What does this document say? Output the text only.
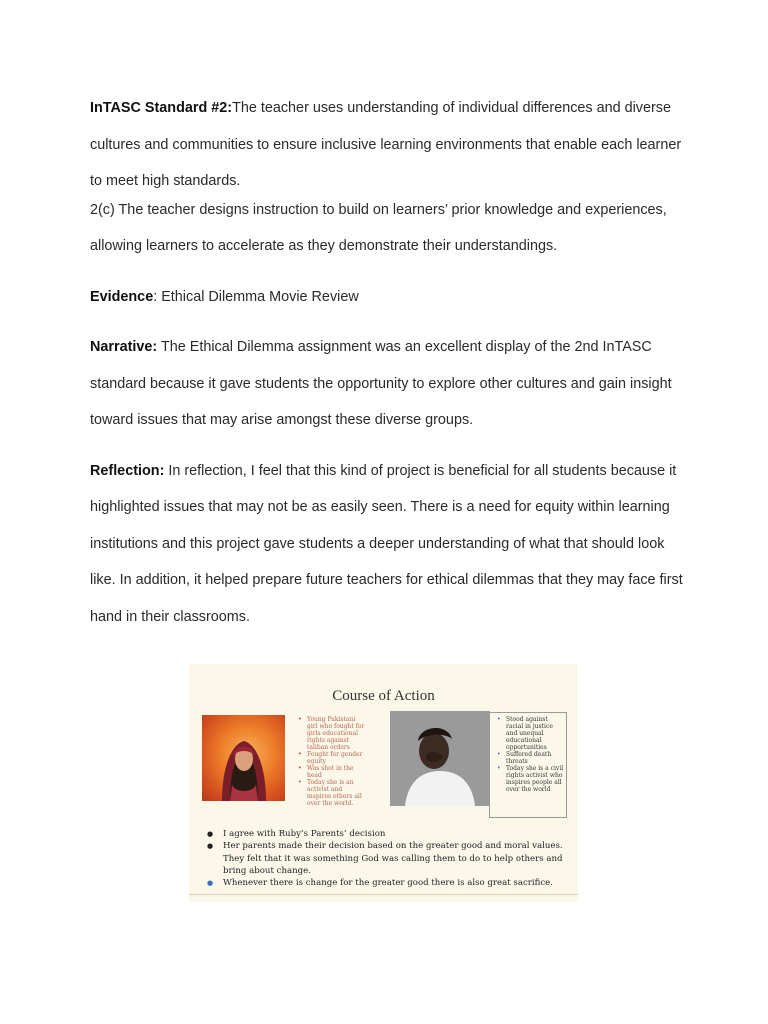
InTASC Standard #2:The teacher uses understanding of individual differences and diverse cultures and communities to ensure inclusive learning environments that enable each learner to meet high standards.

2(c) The teacher designs instruction to build on learners’ prior knowledge and experiences, allowing learners to accelerate as they demonstrate their understandings.

Evidence: Ethical Dilemma Movie Review

Narrative: The Ethical Dilemma assignment was an excellent display of the 2nd InTASC standard because it gave students the opportunity to explore other cultures and gain insight toward issues that may arise amongst these diverse groups.

Reflection: In reflection, I feel that this kind of project is beneficial for all students because it highlighted issues that may not be as easily seen. There is a need for equity within learning institutions and this project gave students a deeper understanding of what that should look like. In addition, it helped prepare future teachers for ethical dilemmas that they may face first hand in their classrooms.

Course of Action
• Young Pakistani girl who fought for girls educational rights against taliban orders
• Fought for gender equity
• Was shot in the head
• Today she is an activist and inspires others all over the world.
• Stood against racial in justice and unequal educational opportunities
• Suffered death threats
• Today she is a civil rights activist who inspires people all over the world
● I agree with Ruby’s Parents’ decision
● Her parents made their decision based on the greater good and moral values. They felt that it was something God was calling them to do to help others and bring about change.
● Whenever there is change for the greater good there is also great sacrifice.
